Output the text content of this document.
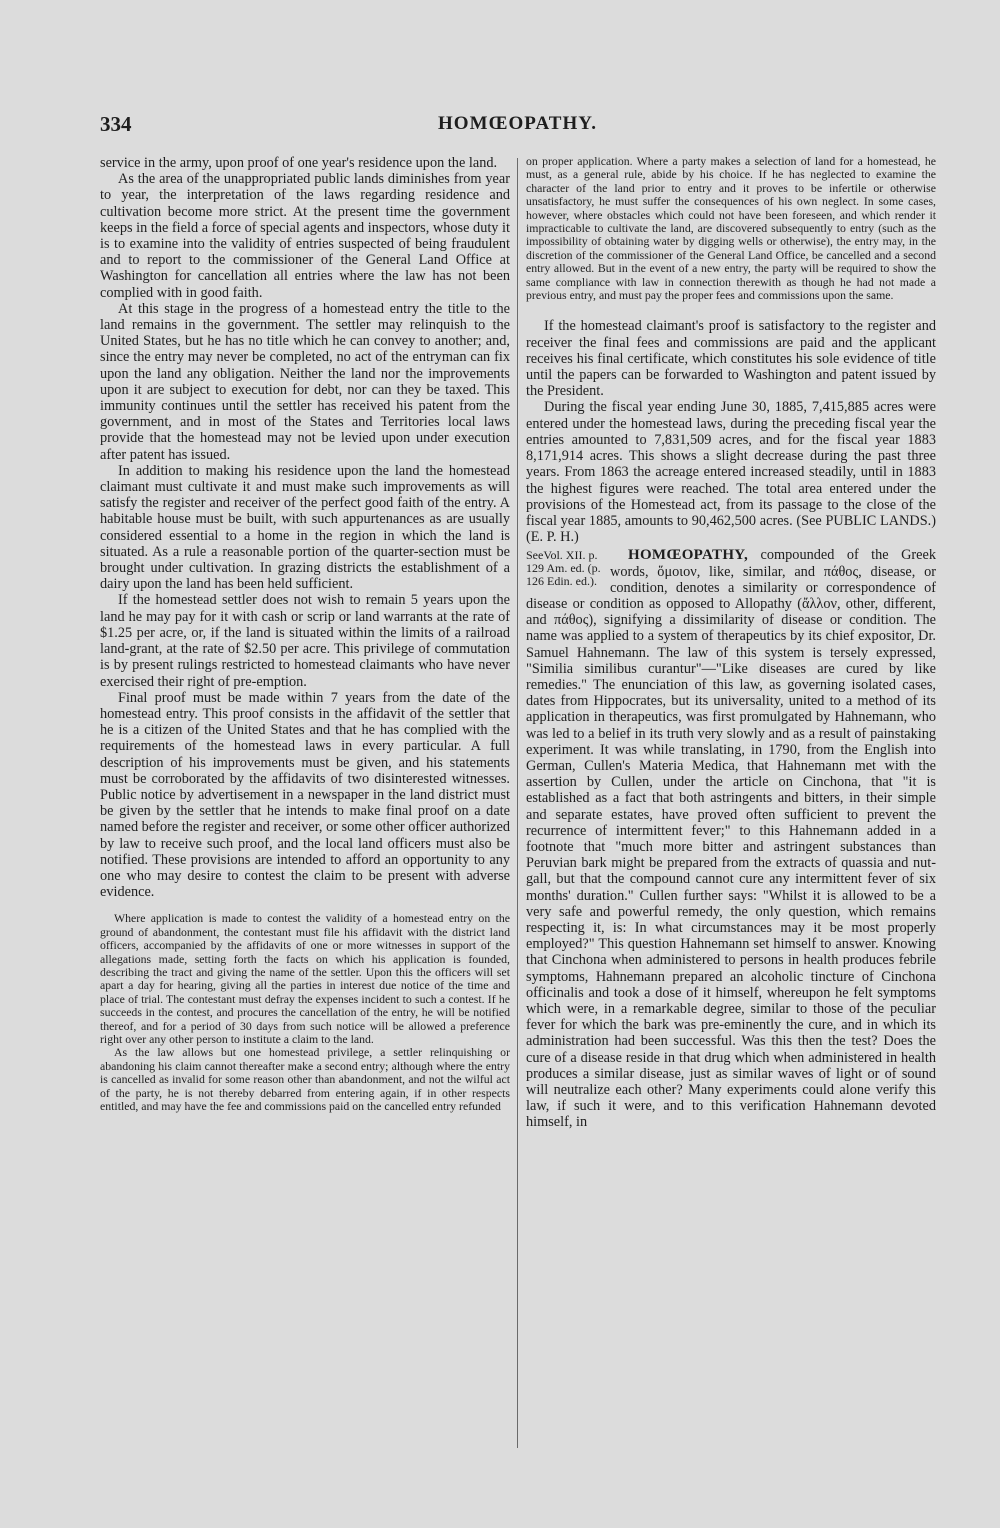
334	HOMŒOPATHY.

service in the army, upon proof of one year's residence upon the land.

As the area of the unappropriated public lands diminishes from year to year, the interpretation of the laws regarding residence and cultivation become more strict. At the present time the government keeps in the field a force of special agents and inspectors, whose duty it is to examine into the validity of entries suspected of being fraudulent and to report to the commissioner of the General Land Office at Washington for cancellation all entries where the law has not been complied with in good faith.

At this stage in the progress of a homestead entry the title to the land remains in the government. The settler may relinquish to the United States, but he has no title which he can convey to another; and, since the entry may never be completed, no act of the entryman can fix upon the land any obligation. Neither the land nor the improvements upon it are subject to execution for debt, nor can they be taxed. This immunity continues until the settler has received his patent from the government, and in most of the States and Territories local laws provide that the homestead may not be levied upon under execution after patent has issued.

In addition to making his residence upon the land the homestead claimant must cultivate it and must make such improvements as will satisfy the register and receiver of the perfect good faith of the entry. A habitable house must be built, with such appurtenances as are usually considered essential to a home in the region in which the land is situated. As a rule a reasonable portion of the quarter-section must be brought under cultivation. In grazing districts the establishment of a dairy upon the land has been held sufficient.

If the homestead settler does not wish to remain 5 years upon the land he may pay for it with cash or scrip or land warrants at the rate of $1.25 per acre, or, if the land is situated within the limits of a railroad land-grant, at the rate of $2.50 per acre. This privilege of commutation is by present rulings restricted to homestead claimants who have never exercised their right of pre-emption.

Final proof must be made within 7 years from the date of the homestead entry. This proof consists in the affidavit of the settler that he is a citizen of the United States and that he has complied with the requirements of the homestead laws in every particular. A full description of his improvements must be given, and his statements must be corroborated by the affidavits of two disinterested witnesses. Public notice by advertisement in a newspaper in the land district must be given by the settler that he intends to make final proof on a date named before the register and receiver, or some other officer authorized by law to receive such proof, and the local land officers must also be notified. These provisions are intended to afford an opportunity to any one who may desire to contest the claim to be present with adverse evidence.

Where application is made to contest the validity of a homestead entry on the ground of abandonment, the contestant must file his affidavit with the district land officers, accompanied by the affidavits of one or more witnesses in support of the allegations made, setting forth the facts on which his application is founded, describing the tract and giving the name of the settler. Upon this the officers will set apart a day for hearing, giving all the parties in interest due notice of the time and place of trial. The contestant must defray the expenses incident to such a contest. If he succeeds in the contest, and procures the cancellation of the entry, he will be notified thereof, and for a period of 30 days from such notice will be allowed a preference right over any other person to institute a claim to the land.

As the law allows but one homestead privilege, a settler relinquishing or abandoning his claim cannot thereafter make a second entry; although where the entry is cancelled as invalid for some reason other than abandonment, and not the wilful act of the party, he is not thereby debarred from entering again, if in other respects entitled, and may have the fee and commissions paid on the cancelled entry refunded

on proper application. Where a party makes a selection of land for a homestead, he must, as a general rule, abide by his choice. If he has neglected to examine the character of the land prior to entry and it proves to be infertile or otherwise unsatisfactory, he must suffer the consequences of his own neglect. In some cases, however, where obstacles which could not have been foreseen, and which render it impracticable to cultivate the land, are discovered subsequently to entry (such as the impossibility of obtaining water by digging wells or otherwise), the entry may, in the discretion of the commissioner of the General Land Office, be cancelled and a second entry allowed. But in the event of a new entry, the party will be required to show the same compliance with law in connection therewith as though he had not made a previous entry, and must pay the proper fees and commissions upon the same.

If the homestead claimant's proof is satisfactory to the register and receiver the final fees and commissions are paid and the applicant receives his final certificate, which constitutes his sole evidence of title until the papers can be forwarded to Washington and patent issued by the President.

During the fiscal year ending June 30, 1885, 7,415,885 acres were entered under the homestead laws, during the preceding fiscal year the entries amounted to 7,831,509 acres, and for the fiscal year 1883 8,171,914 acres. This shows a slight decrease during the past three years. From 1863 the acreage entered increased steadily, until in 1883 the highest figures were reached. The total area entered under the provisions of the Homestead act, from its passage to the close of the fiscal year 1885, amounts to 90,462,500 acres. (See PUBLIC LANDS.) (E. P. H.)

HOMŒOPATHY, compounded of the Greek
SeeVol. XII. p. 129 Am. ed. (p. 126 Edin. ed.).
words, ὅμοιον, like, similar, and πάθος, disease, or condition, denotes a similarity or correspondence of disease or condition as opposed to Allopathy (ἄλλον, other, different, and πάθος), signifying a dissimilarity of disease or condition. The name was applied to a system of therapeutics by its chief expositor, Dr. Samuel Hahnemann. The law of this system is tersely expressed, "Similia similibus curantur"—"Like diseases are cured by like remedies." The enunciation of this law, as governing isolated cases, dates from Hippocrates, but its universality, united to a method of its application in therapeutics, was first promulgated by Hahnemann, who was led to a belief in its truth very slowly and as a result of painstaking experiment. It was while translating, in 1790, from the English into German, Cullen's Materia Medica, that Hahnemann met with the assertion by Cullen, under the article on Cinchona, that "it is established as a fact that both astringents and bitters, in their simple and separate estates, have proved often sufficient to prevent the recurrence of intermittent fever;" to this Hahnemann added in a footnote that "much more bitter and astringent substances than Peruvian bark might be prepared from the extracts of quassia and nut-gall, but that the compound cannot cure any intermittent fever of six months' duration." Cullen further says: "Whilst it is allowed to be a very safe and powerful remedy, the only question, which remains respecting it, is: In what circumstances may it be most properly employed?" This question Hahnemann set himself to answer. Knowing that Cinchona when administered to persons in health produces febrile symptoms, Hahnemann prepared an alcoholic tincture of Cinchona officinalis and took a dose of it himself, whereupon he felt symptoms which were, in a remarkable degree, similar to those of the peculiar fever for which the bark was pre-eminently the cure, and in which its administration had been successful. Was this then the test? Does the cure of a disease reside in that drug which when administered in health produces a similar disease, just as similar waves of light or of sound will neutralize each other? Many experiments could alone verify this law, if such it were, and to this verification Hahnemann devoted himself, in
